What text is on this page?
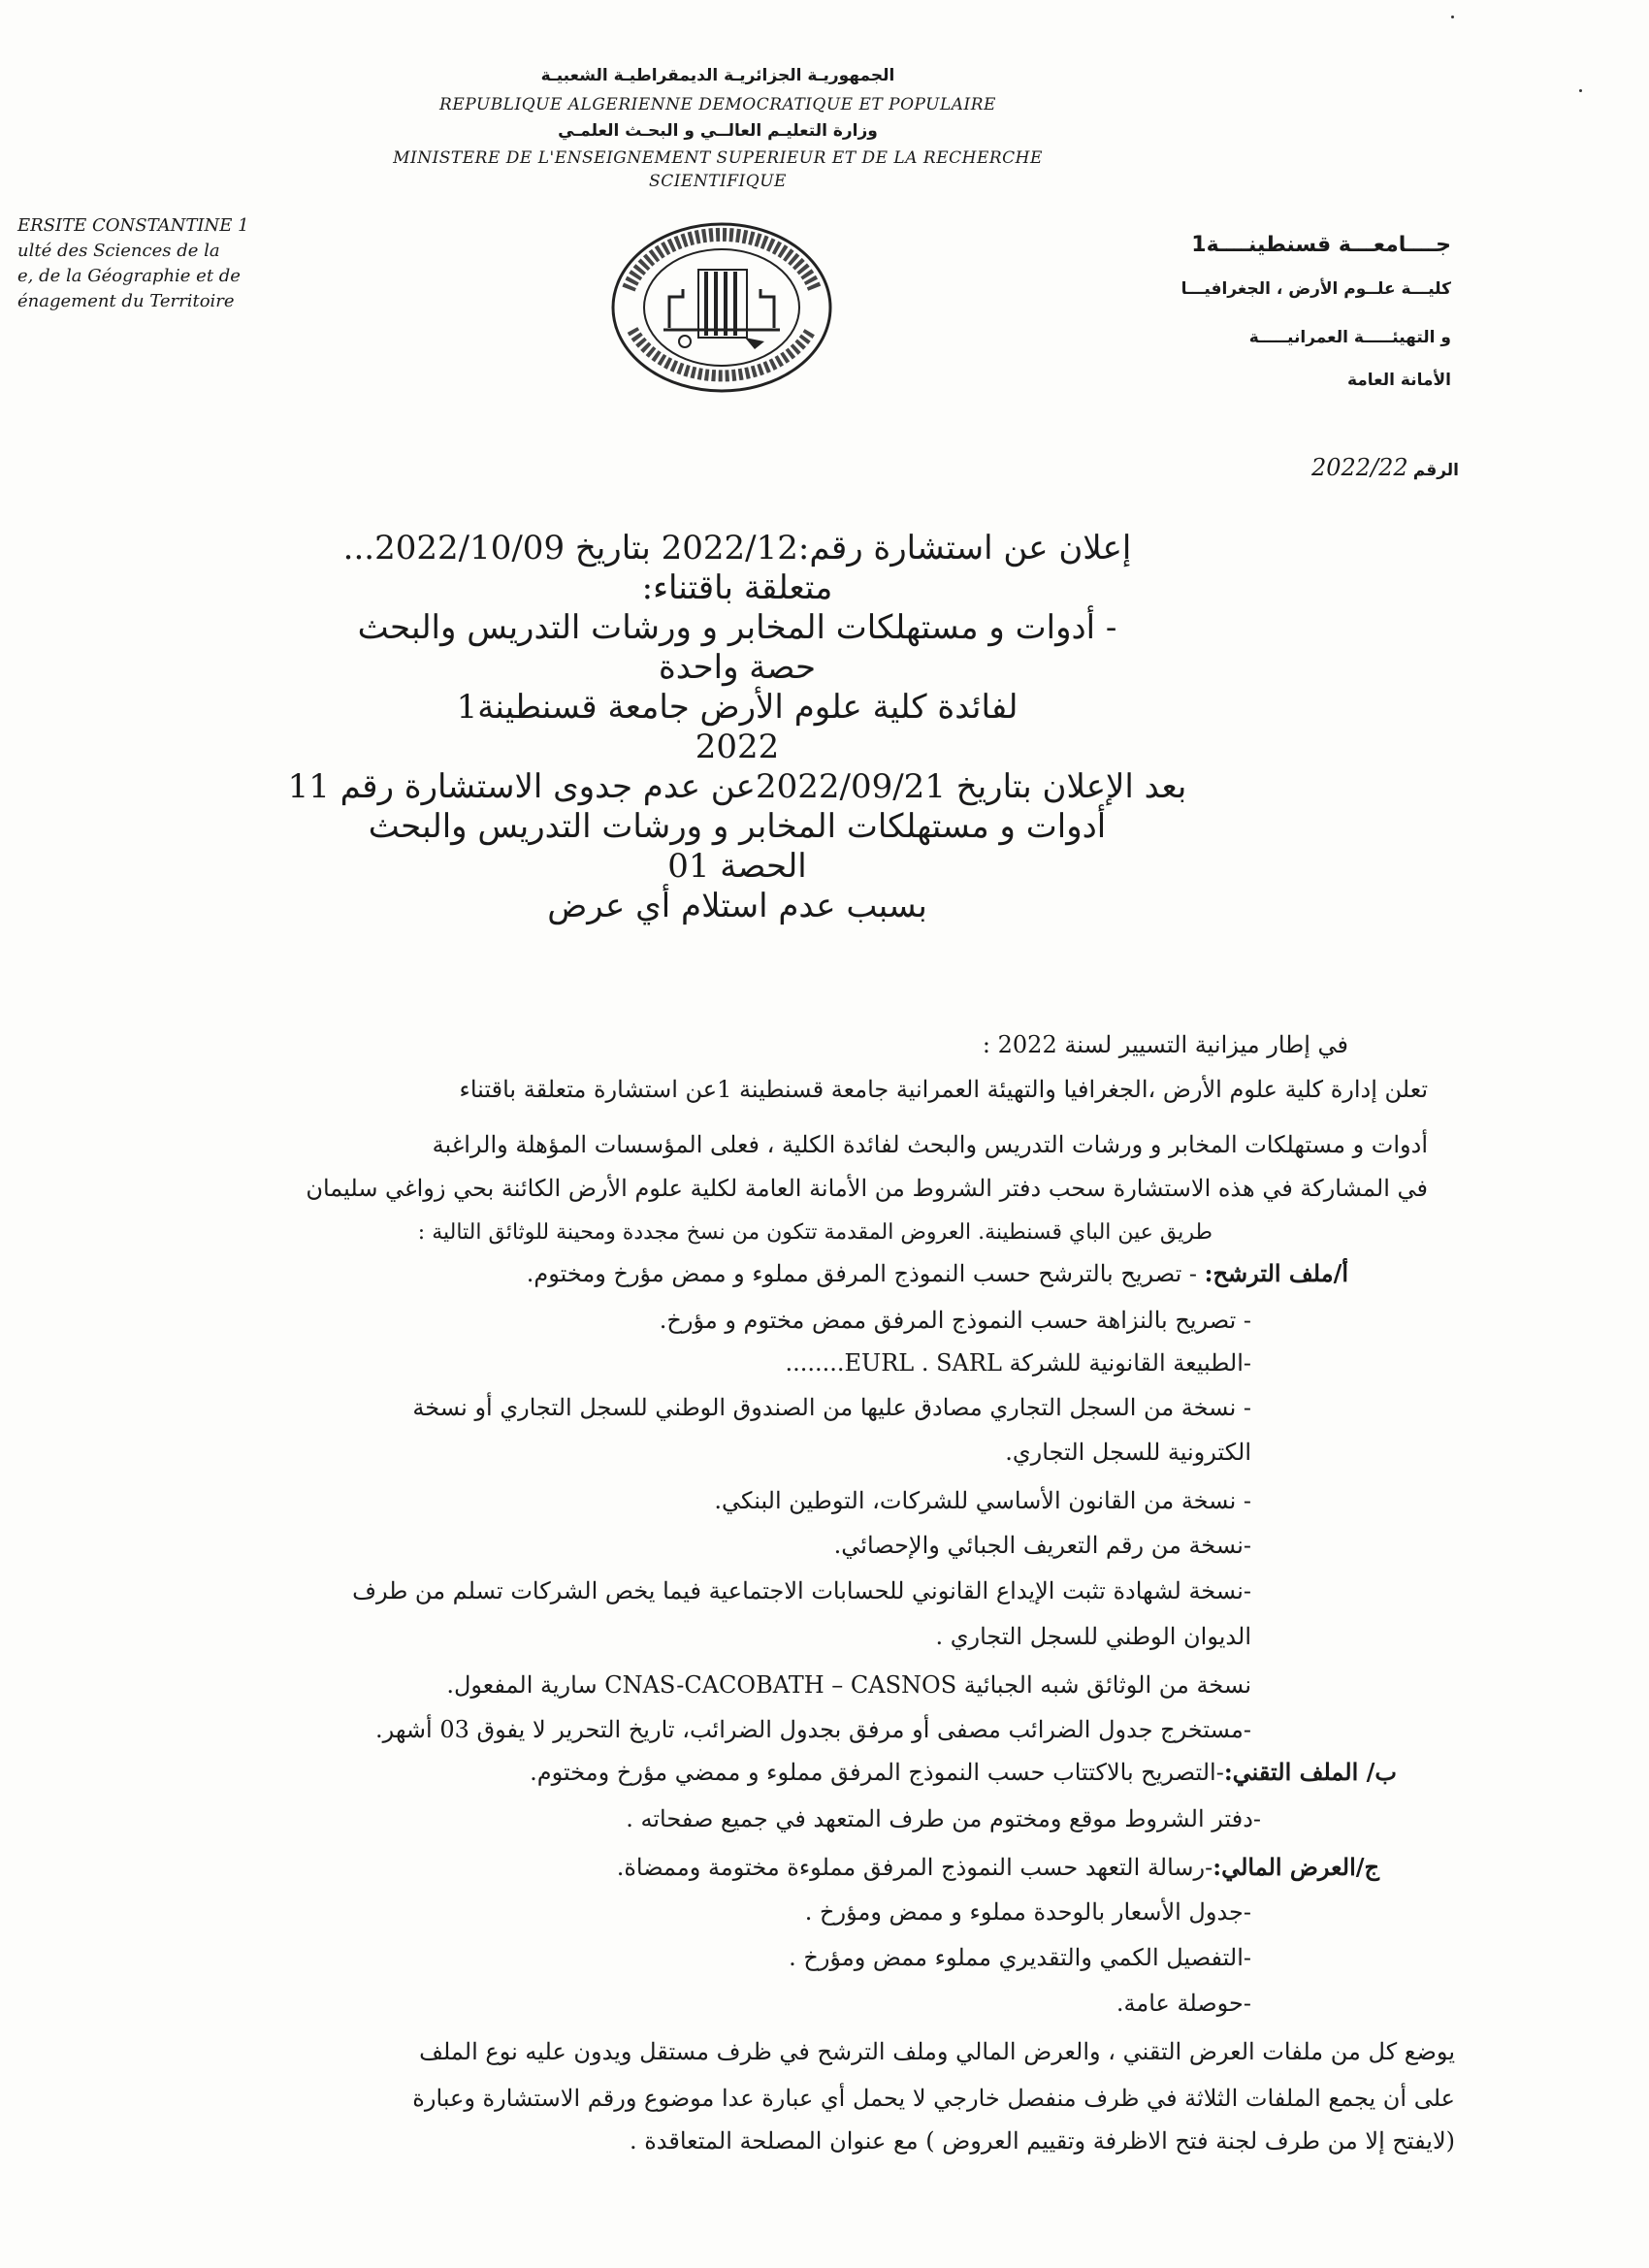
الجمهوريـة الجزائريـة الديمقراطيـة الشعبيـة
REPUBLIQUE ALGERIENNE DEMOCRATIQUE ET POPULAIRE
وزارة التعليـم العالــي و البحـث العلمـي
MINISTERE DE L'ENSEIGNEMENT SUPERIEUR ET DE LA RECHERCHE
SCIENTIFIQUE
ERSITE CONSTANTINE 1
ulté des Sciences de la
e, de la Géographie et de
énagement du Territoire
جــــامعـــة قسنطينــــة1
كليـــة علــوم الأرض ، الجغرافيـــا
و التهيئـــــة العمرانيـــــة
الأمانة العامة
الرقم 2022/22
إعلان عن استشارة رقم:2022/12 بتاريخ 2022/10/09...
متعلقة باقتناء:
- أدوات و مستهلكات المخابر و ورشات التدريس والبحث
حصة واحدة
لفائدة كلية علوم الأرض جامعة قسنطينة1
2022
بعد الإعلان بتاريخ 2022/09/21عن عدم جدوى الاستشارة رقم 11
أدوات و مستهلكات المخابر و ورشات التدريس والبحث
الحصة 01
بسبب عدم استلام أي عرض
في إطار ميزانية التسيير لسنة 2022 :
تعلن إدارة كلية علوم الأرض ،الجغرافيا والتهيئة العمرانية جامعة قسنطينة 1عن استشارة متعلقة باقتناء
أدوات و مستهلكات المخابر و ورشات التدريس والبحث لفائدة الكلية ، فعلى المؤسسات المؤهلة والراغبة
في المشاركة في هذه الاستشارة سحب دفتر الشروط من الأمانة العامة لكلية علوم الأرض الكائنة بحي زواغي سليمان
طريق عين الباي قسنطينة. العروض المقدمة تتكون من نسخ مجددة ومحينة للوثائق التالية :
أ/ملف الترشح: - تصريح بالترشح حسب النموذج المرفق مملوء و ممض مؤرخ ومختوم.
- تصريح بالنزاهة حسب النموذج المرفق ممض مختوم و مؤرخ.
-الطبيعة القانونية للشركة EURL . SARL........
- نسخة من السجل التجاري مصادق عليها من الصندوق الوطني للسجل التجاري أو نسخة
الكترونية للسجل التجاري.
- نسخة من القانون الأساسي للشركات، التوطين البنكي.
-نسخة من رقم التعريف الجبائي والإحصائي.
-نسخة لشهادة تثبت الإيداع القانوني للحسابات الاجتماعية فيما يخص الشركات تسلم من طرف
الديوان الوطني للسجل التجاري .
نسخة من الوثائق شبه الجبائية CNAS-CACOBATH – CASNOS سارية المفعول.
-مستخرج جدول الضرائب مصفى أو مرفق بجدول الضرائب، تاريخ التحرير لا يفوق 03 أشهر.
ب/ الملف التقني:-التصريح بالاكتتاب حسب النموذج المرفق مملوء و ممضي مؤرخ ومختوم.
-دفتر الشروط موقع ومختوم من طرف المتعهد في جميع صفحاته .
ج/العرض المالي:-رسالة التعهد حسب النموذج المرفق مملوءة مختومة وممضاة.
-جدول الأسعار بالوحدة مملوء و ممض ومؤرخ .
-التفصيل الكمي والتقديري مملوء ممض ومؤرخ .
-حوصلة عامة.
يوضع كل من ملفات العرض التقني ، والعرض المالي وملف الترشح في ظرف مستقل ويدون عليه نوع الملف
على أن يجمع الملفات الثلاثة في ظرف منفصل خارجي لا يحمل أي عبارة عدا موضوع ورقم الاستشارة وعبارة
(لايفتح إلا من طرف لجنة فتح الاظرفة وتقييم العروض ) مع عنوان المصلحة المتعاقدة .
